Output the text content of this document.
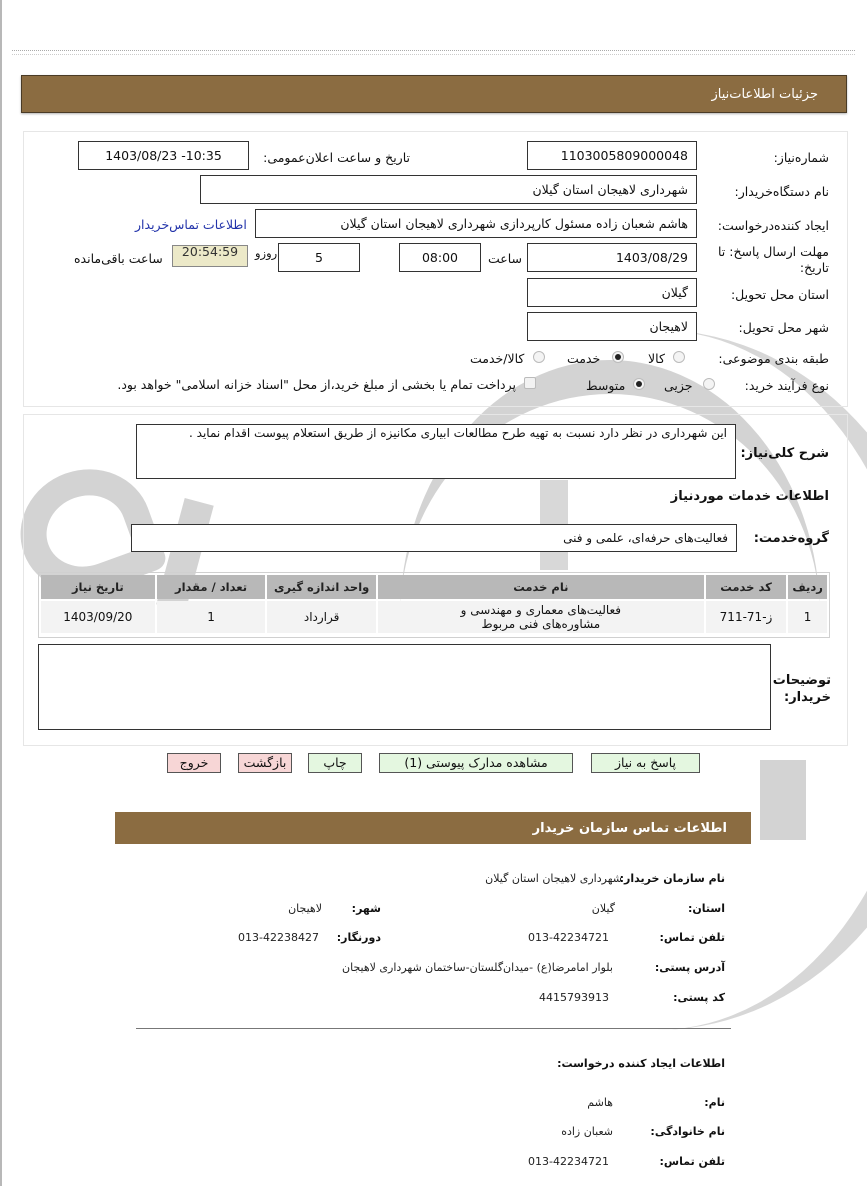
جزئیات اطلاعات‌نیاز
شماره‌نیاز:
1103005809000048
تاریخ و ساعت اعلان‌عمومی:
1403/08/23 -10:35
نام دستگاه‌خریدار:
شهرداری لاهیجان استان گیلان
ایجاد کننده‌درخواست:
هاشم شعبان زاده مسئول کارپردازی شهرداری لاهیجان استان گیلان
اطلاعات تماس‌خریدار
مهلت ارسال پاسخ: تا تاریخ:
1403/08/29
ساعت
08:00
5
روزو
20:54:59
ساعت باقی‌مانده
استان محل تحویل:
گیلان
شهر محل تحویل:
لاهیجان
طبقه بندی موضوعی:
کالا
خدمت
کالا/خدمت
نوع فرآیند خرید:
جزیی
متوسط
پرداخت تمام یا بخشی از مبلغ خرید،از محل "اسناد خزانه اسلامی" خواهد بود.
شرح کلی‌نیاز:
این شهرداری در نظر دارد نسبت به تهیه طرح مطالعات ابیاری مکانیزه از طریق استعلام پیوست اقدام نماید .
اطلاعات خدمات موردنیاز
گروه‌خدمت:
فعالیت‌های حرفه‌ای، علمی و فنی
ردیف	کد خدمت	نام خدمت	واحد اندازه گیری	تعداد / مقدار	تاریخ نیاز
1	ز-71-711	فعالیت‌های معماری و مهندسی و مشاوره‌های فنی مربوط	قرارداد	1	1403/09/20
توضیحات خریدار:
پاسخ به نیاز
مشاهده مدارک پیوستی (1)
چاپ
بازگشت
خروج
اطلاعات تماس سازمان خریدار
نام سازمان خریدار:
شهرداری لاهیجان استان گیلان
استان:
گیلان
شهر:
لاهیجان
تلفن تماس:
013-42234721
دورنگار:
013-42238427
آدرس پستی:
بلوار امامرضا(ع) -میدان‌گلستان-ساختمان شهرداری لاهیجان
کد پستی:
4415793913
اطلاعات ایجاد کننده درخواست:
نام:
هاشم
نام خانوادگی:
شعبان زاده
تلفن تماس:
013-42234721
